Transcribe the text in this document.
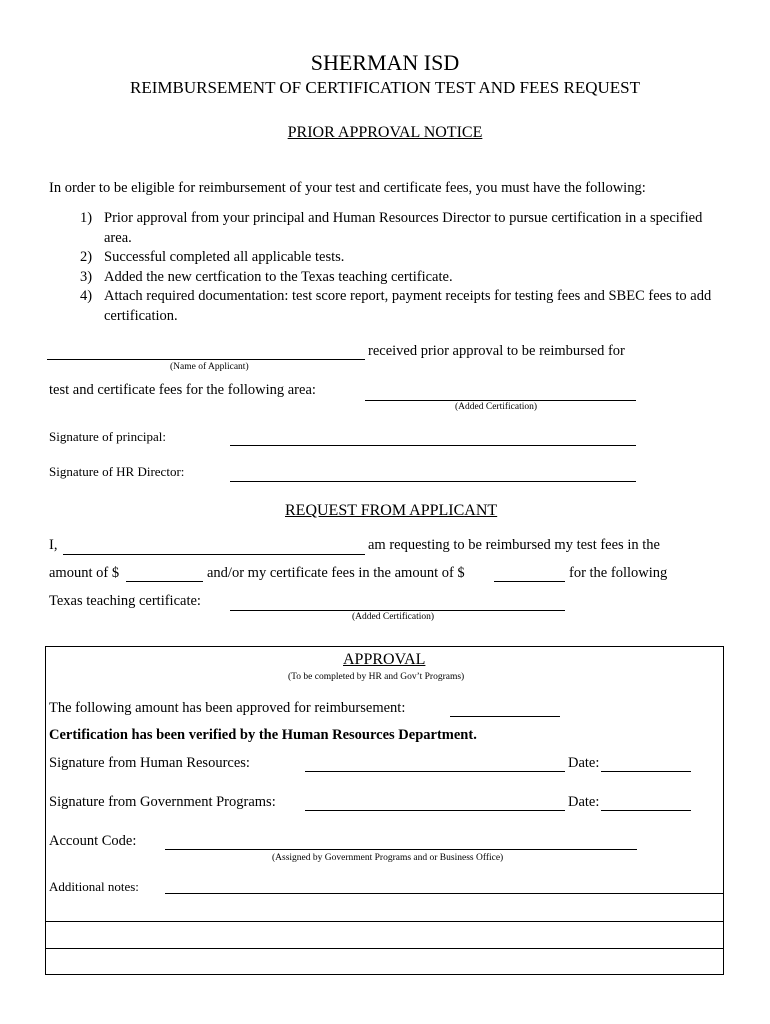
SHERMAN ISD
REIMBURSEMENT OF CERTIFICATION TEST AND FEES REQUEST
PRIOR APPROVAL NOTICE
In order to be eligible for reimbursement of your test and certificate fees, you must have the following:
1) Prior approval from your principal and Human Resources Director to pursue certification in a specified area.
2) Successful completed all applicable tests.
3) Added the new certfication to the Texas teaching certificate.
4) Attach required documentation: test score report, payment receipts for testing fees and SBEC fees to add certification.
received prior approval to be reimbursed for
(Name of Applicant)
test and certificate fees for the following area:
(Added Certification)
Signature of principal:
Signature of HR Director:
REQUEST FROM APPLICANT
I,	am requesting to be reimbursed my test fees in the
amount of $	and/or my certificate fees in the amount of $	for the following
Texas teaching certificate:
(Added Certification)
APPROVAL
(To be completed by HR and Gov’t Programs)
The following amount has been approved for reimbursement:
Certification has been verified by the Human Resources Department.
Signature from Human Resources:	Date:
Signature from Government Programs:	Date:
Account Code:
(Assigned by Government Programs and or Business Office)
Additional notes:
